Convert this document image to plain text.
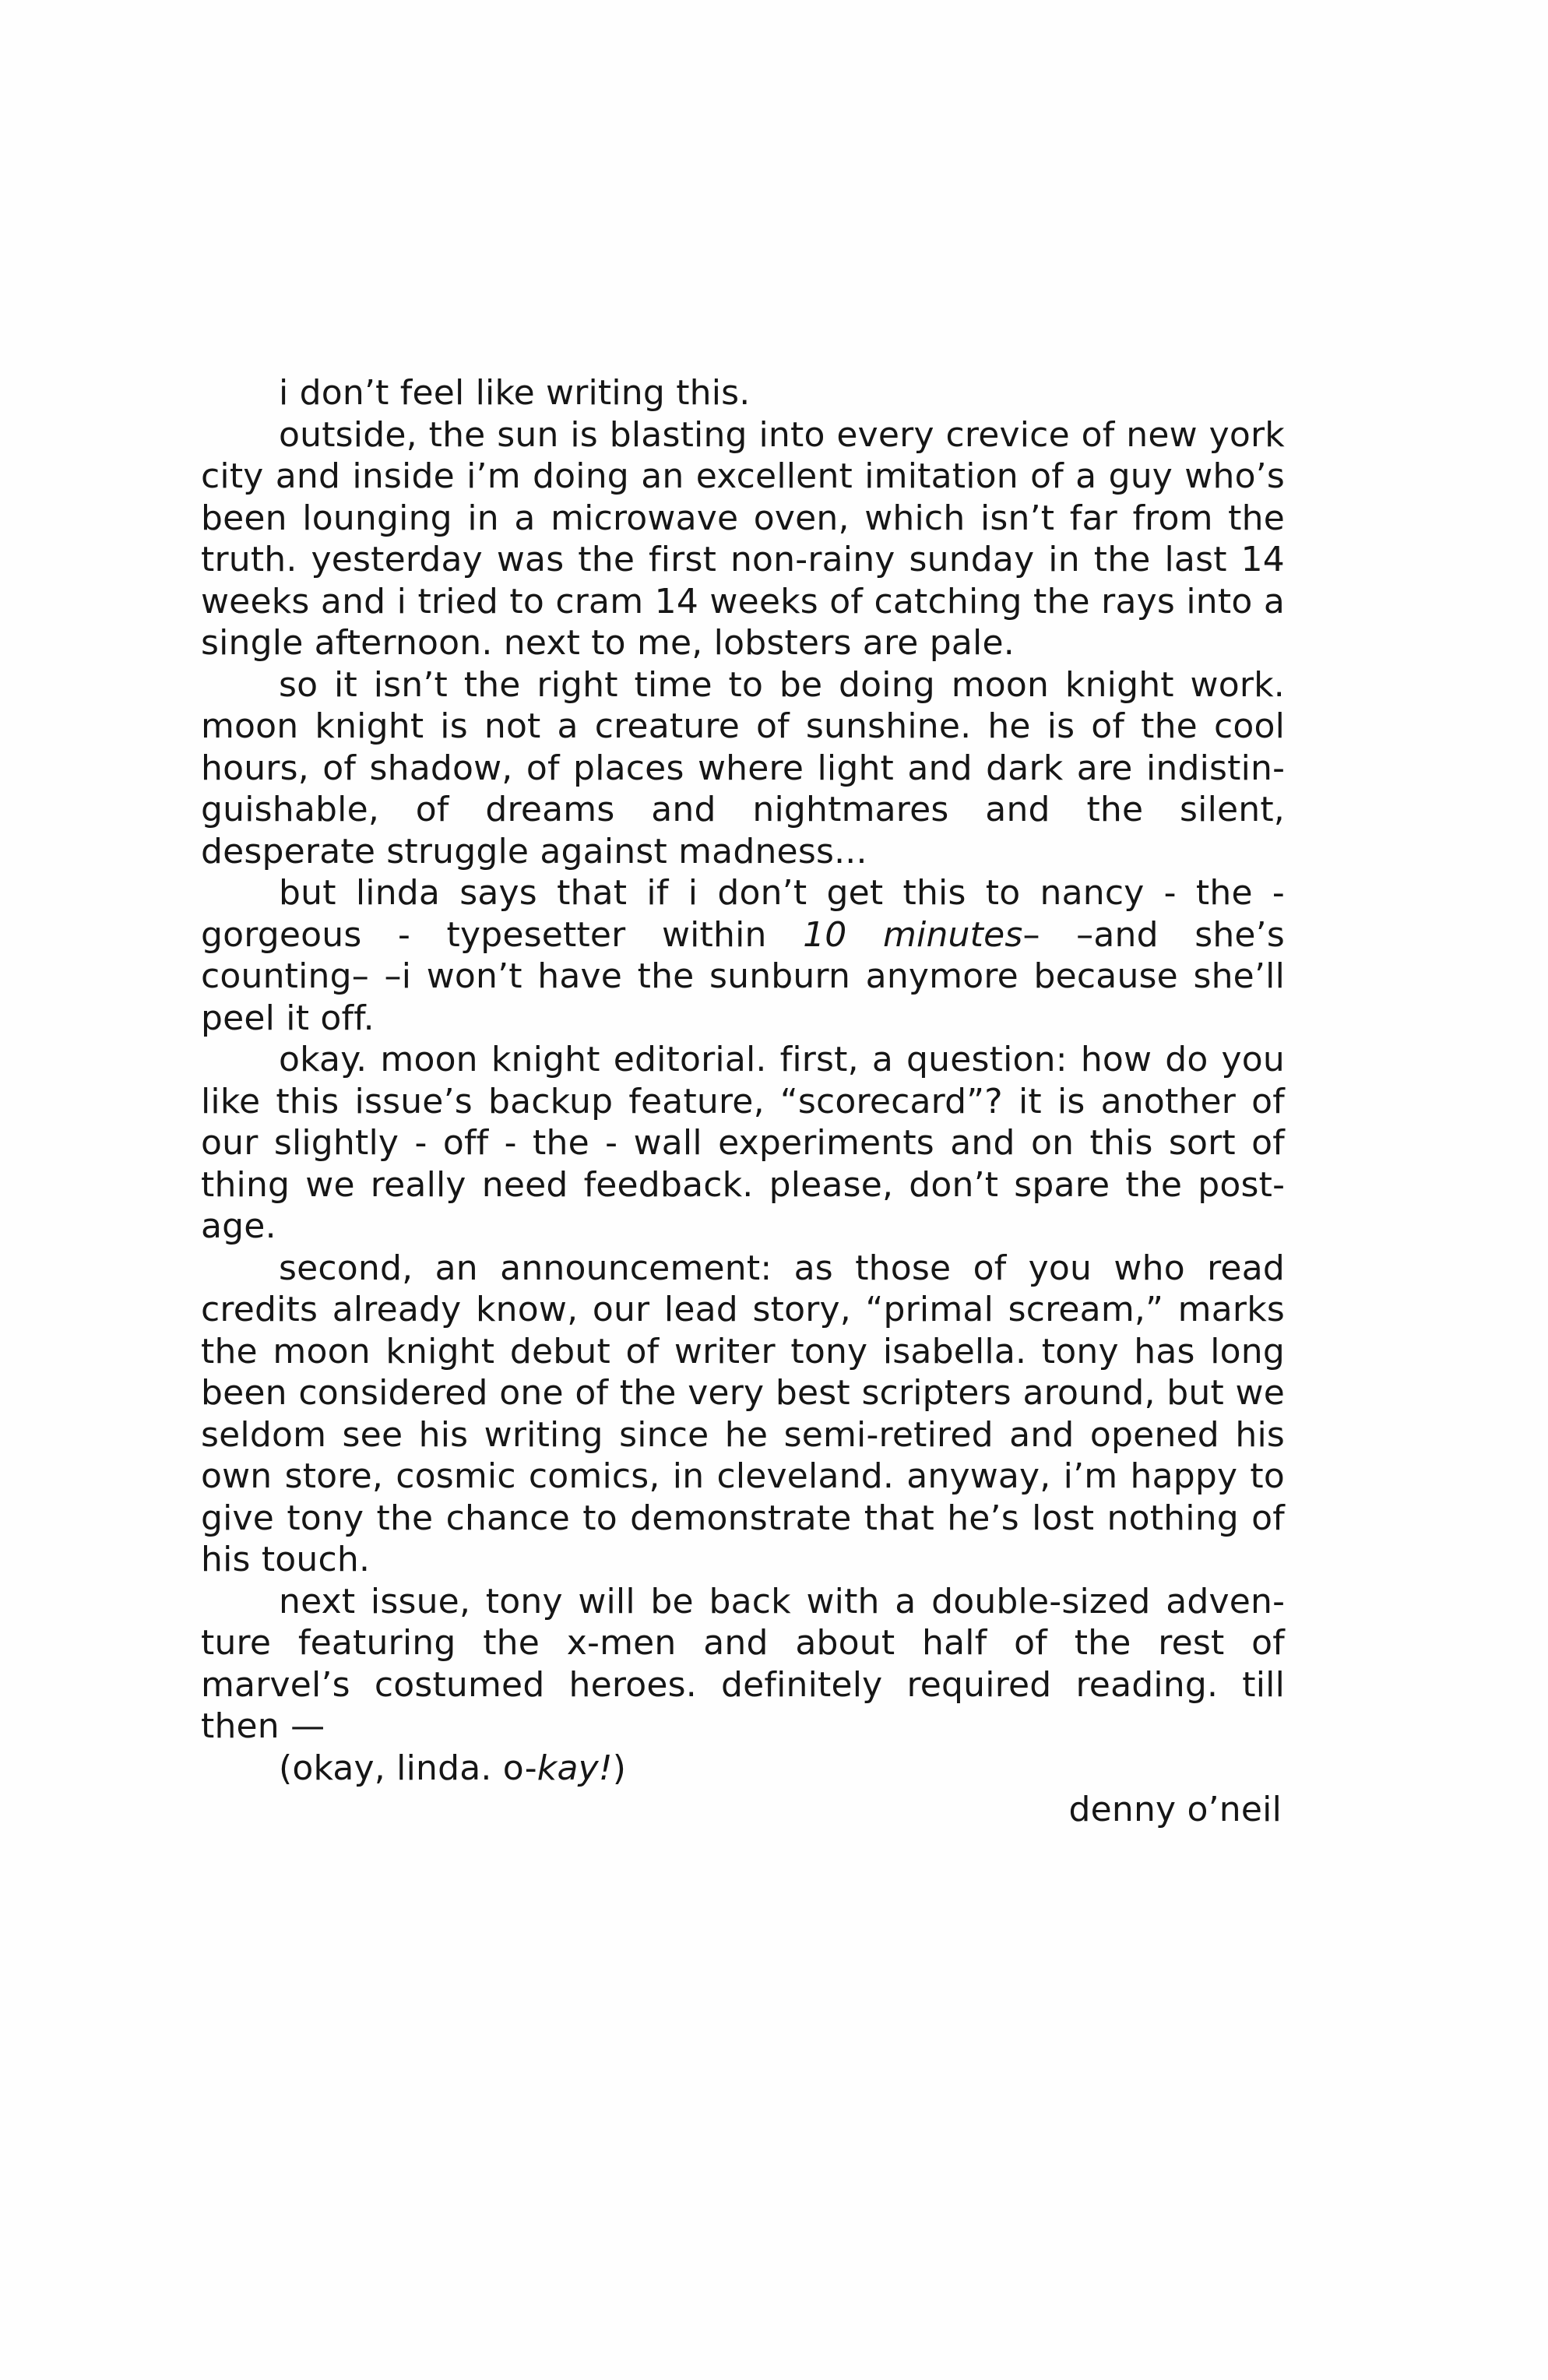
i don’t feel like writing this.

outside, the sun is blasting into every crevice of new york city and inside i’m doing an excellent imitation of a guy who’s been lounging in a microwave oven, which isn’t far from the truth. yesterday was the first non-rainy sunday in the last 14 weeks and i tried to cram 14 weeks of catching the rays into a single afternoon. next to me, lobsters are pale.

so it isn’t the right time to be doing moon knight work. moon knight is not a creature of sunshine. he is of the cool hours, of shadow, of places where light and dark are indistinguishable, of dreams and nightmares and the silent, desperate struggle against madness...

but linda says that if i don’t get this to nancy - the - gorgeous - typesetter within 10 minutes– –and she’s counting– –i won’t have the sunburn anymore because she’ll peel it off.

okay. moon knight editorial. first, a question: how do you like this issue’s backup feature, “scorecard”? it is another of our slightly - off - the - wall experiments and on this sort of thing we really need feedback. please, don’t spare the postage.

second, an announcement: as those of you who read credits already know, our lead story, “primal scream,” marks the moon knight debut of writer tony isabella. tony has long been considered one of the very best scripters around, but we seldom see his writing since he semi-retired and opened his own store, cosmic comics, in cleveland. anyway, i’m happy to give tony the chance to demonstrate that he’s lost nothing of his touch.

next issue, tony will be back with a double-sized adventure featuring the x-men and about half of the rest of marvel’s costumed heroes. definitely required reading. till then —

(okay, linda. o-kay!)

denny o’neil
